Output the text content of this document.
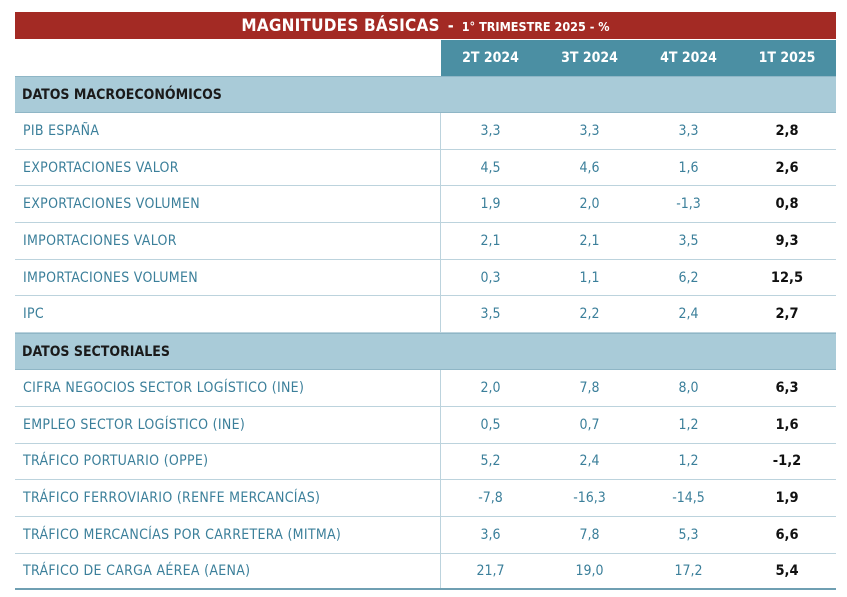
MAGNITUDES BÁSICAS - 1° TRIMESTRE 2025 - %
2T 2024	3T 2024	4T 2024	1T 2025
DATOS MACROECONÓMICOS
PIB ESPAÑA	3,3	3,3	3,3	2,8
EXPORTACIONES VALOR	4,5	4,6	1,6	2,6
EXPORTACIONES VOLUMEN	1,9	2,0	-1,3	0,8
IMPORTACIONES VALOR	2,1	2,1	3,5	9,3
IMPORTACIONES VOLUMEN	0,3	1,1	6,2	12,5
IPC	3,5	2,2	2,4	2,7
DATOS SECTORIALES
CIFRA NEGOCIOS SECTOR LOGÍSTICO (INE)	2,0	7,8	8,0	6,3
EMPLEO SECTOR LOGÍSTICO (INE)	0,5	0,7	1,2	1,6
TRÁFICO PORTUARIO (OPPE)	5,2	2,4	1,2	-1,2
TRÁFICO FERROVIARIO (RENFE MERCANCÍAS)	-7,8	-16,3	-14,5	1,9
TRÁFICO MERCANCÍAS POR CARRETERA (MITMA)	3,6	7,8	5,3	6,6
TRÁFICO DE CARGA AÉREA (AENA)	21,7	19,0	17,2	5,4
